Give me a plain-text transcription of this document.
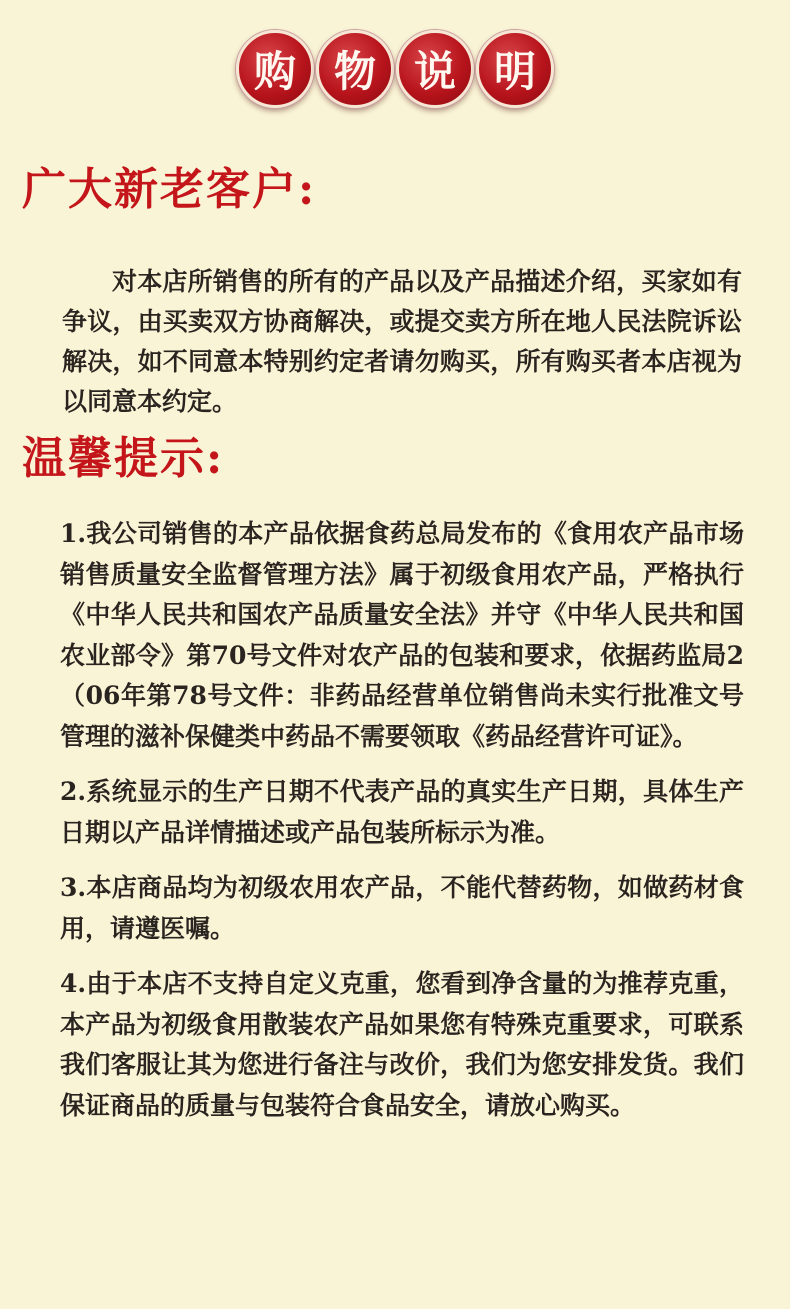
购 物 说 明
广大新老客户:

对本店所销售的所有的产品以及产品描述介绍，买家如有争议，由买卖双方协商解决，或提交卖方所在地人民法院诉讼解决，如不同意本特别约定者请勿购买，所有购买者本店视为以同意本约定。

温馨提示:

1.我公司销售的本产品依据食药总局发布的《食用农产品市场销售质量安全监督管理方法》属于初级食用农产品，严格执行《中华人民共和国农产品质量安全法》并守《中华人民共和国农业部令》第70号文件对农产品的包装和要求，依据药监局2（06年第78号文件：非药品经营单位销售尚未实行批准文号管理的滋补保健类中药品不需要领取《药品经营许可证》。

2.系统显示的生产日期不代表产品的真实生产日期，具体生产日期以产品详情描述或产品包装所标示为准。

3.本店商品均为初级农用农产品，不能代替药物，如做药材食用，请遵医嘱。

4.由于本店不支持自定义克重，您看到净含量的为推荐克重，本产品为初级食用散装农产品如果您有特殊克重要求，可联系我们客服让其为您进行备注与改价，我们为您安排发货。我们保证商品的质量与包装符合食品安全，请放心购买。
